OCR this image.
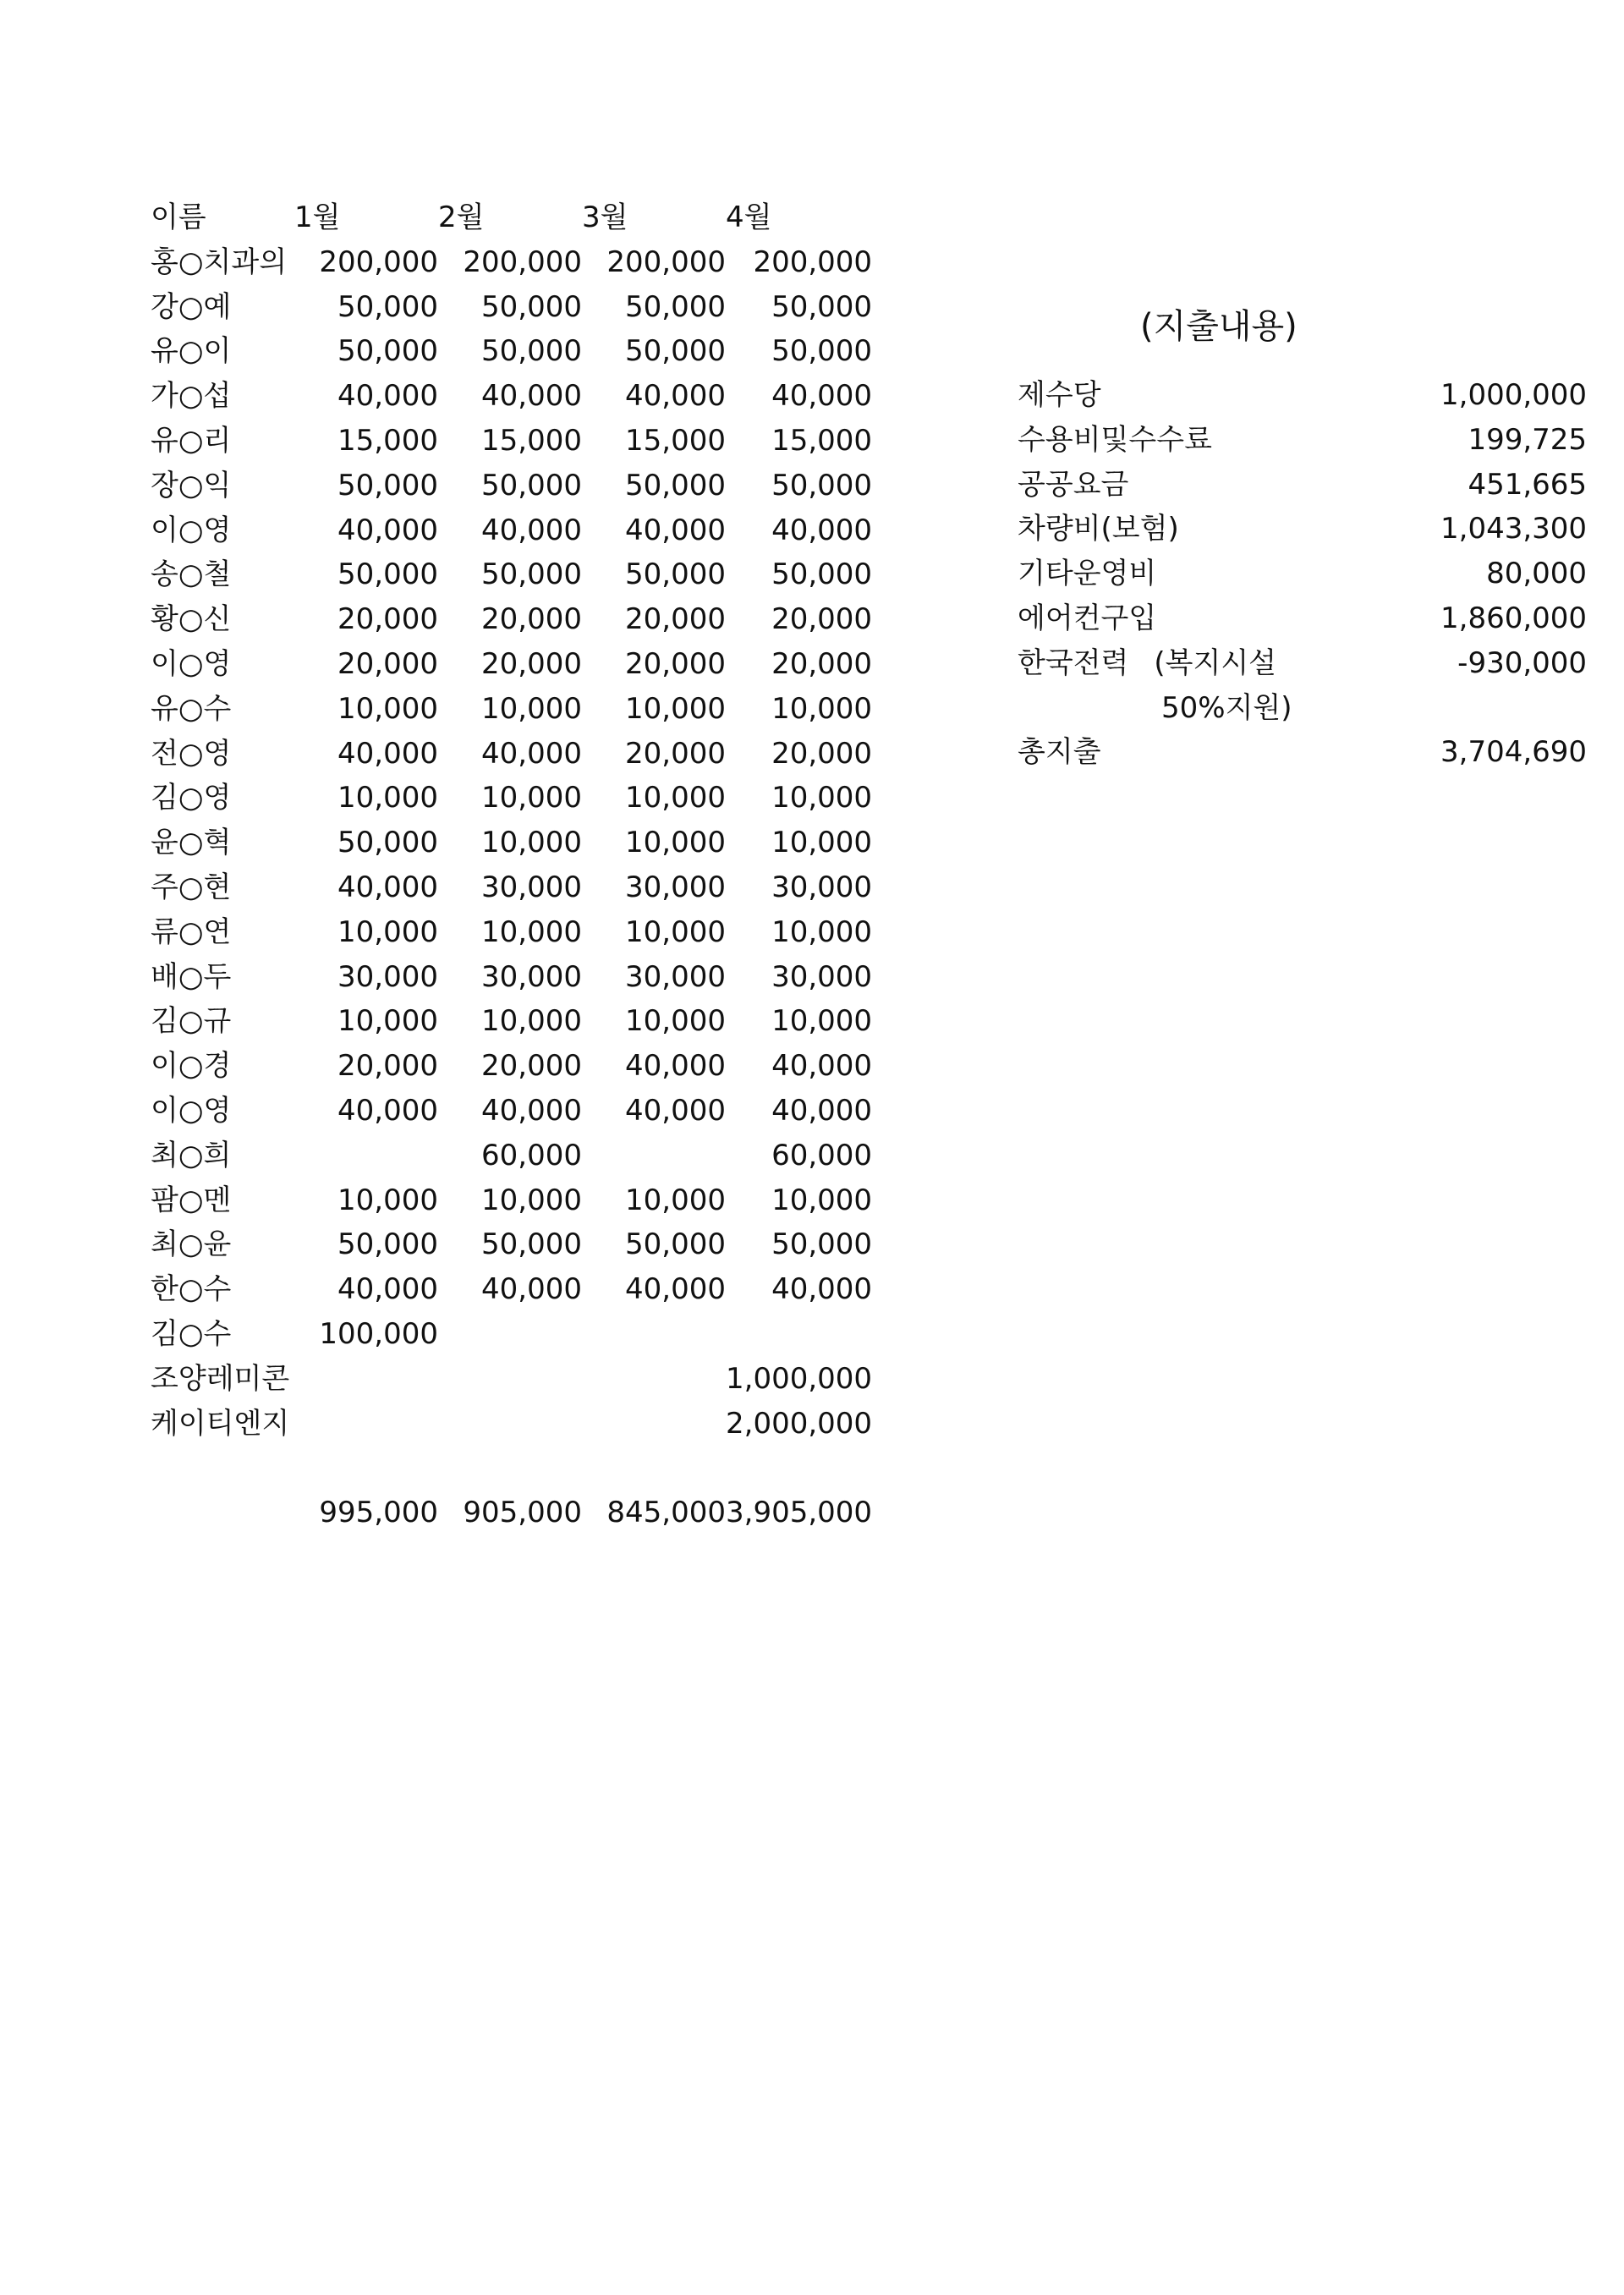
이름	1월	2월	3월	4월
홍○치과의	200,000	200,000	200,000	200,000
강○예	50,000	50,000	50,000	50,000
유○이	50,000	50,000	50,000	50,000
가○섭	40,000	40,000	40,000	40,000
유○리	15,000	15,000	15,000	15,000
장○익	50,000	50,000	50,000	50,000
이○영	40,000	40,000	40,000	40,000
송○철	50,000	50,000	50,000	50,000
황○신	20,000	20,000	20,000	20,000
이○영	20,000	20,000	20,000	20,000
유○수	10,000	10,000	10,000	10,000
전○영	40,000	40,000	20,000	20,000
김○영	10,000	10,000	10,000	10,000
윤○혁	50,000	10,000	10,000	10,000
주○현	40,000	30,000	30,000	30,000
류○연	10,000	10,000	10,000	10,000
배○두	30,000	30,000	30,000	30,000
김○규	10,000	10,000	10,000	10,000
이○경	20,000	20,000	40,000	40,000
이○영	40,000	40,000	40,000	40,000
최○희		60,000		60,000
팜○멘	10,000	10,000	10,000	10,000
최○윤	50,000	50,000	50,000	50,000
한○수	40,000	40,000	40,000	40,000
김○수	100,000			
조양레미콘				1,000,000
케이티엔지				2,000,000

	995,000	905,000	845,000	3,905,000
(지출내용)
제수당	1,000,000
수용비및수수료	199,725
공공요금	451,665
차량비(보험)	1,043,300
기타운영비	80,000
에어컨구입	1,860,000
한국전력 (복지시설	-930,000
50%지원)	
총지출	3,704,690
